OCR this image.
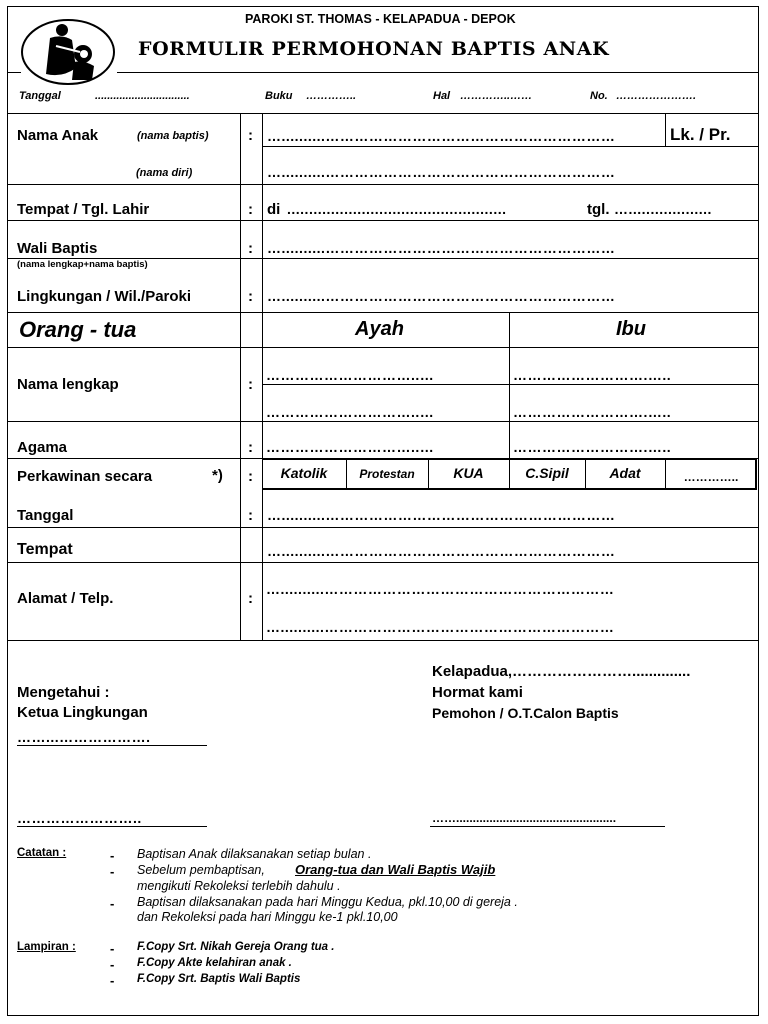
PAROKI ST. THOMAS - KELAPADUA - DEPOK
FORMULIR PERMOHONAN BAPTIS ANAK
Tanggal	...............................	Buku …………..	Hal …………..……	No. ………………….
Nama Anak	(nama baptis)	: …..........……………………………………………………	Lk. / Pr.
(nama diri)	…..........……………………………………………………
Tempat / Tgl. Lahir	: di ..................................................	tgl. …...................
Wali Baptis	: …..........……………………………………………………
(nama lengkap+nama baptis)
Lingkungan / Wil./Paroki	: …..........……………………………………………………
Orang - tua	Ayah	Ibu
Nama lengkap	:
…………………………..…	……………………….…..
…………………………..…	……………………….…..
Agama	: …………………………..…	……………………….…..
Perkawinan secara	*) :	Katolik	Protestan	KUA	C.Sipil	Adat	…………..
Tanggal	: …..........……………………………………………………
Tempat	…..........……………………………………………………
Alamat / Telp.	:
…..........……………………………………………………
…..........……………………………………………………
Kelapadua,……………………..............
Hormat kami
Pemohon / O.T.Calon Baptis
Mengetahui :
Ketua Lingkungan
……...……………….
……………………..	……................................................
Catatan :	- Baptisan Anak dilaksanakan setiap bulan .
- Sebelum pembaptisan, Orang-tua dan Wali Baptis Wajib
mengikuti Rekoleksi terlebih dahulu .
- Baptisan dilaksanakan pada hari Minggu Kedua, pkl.10,00 di gereja .
dan Rekoleksi pada hari Minggu ke-1 pkl.10,00
Lampiran :	- F.Copy Srt. Nikah Gereja Orang tua .
- F.Copy Akte kelahiran anak .
- F.Copy Srt. Baptis Wali Baptis
